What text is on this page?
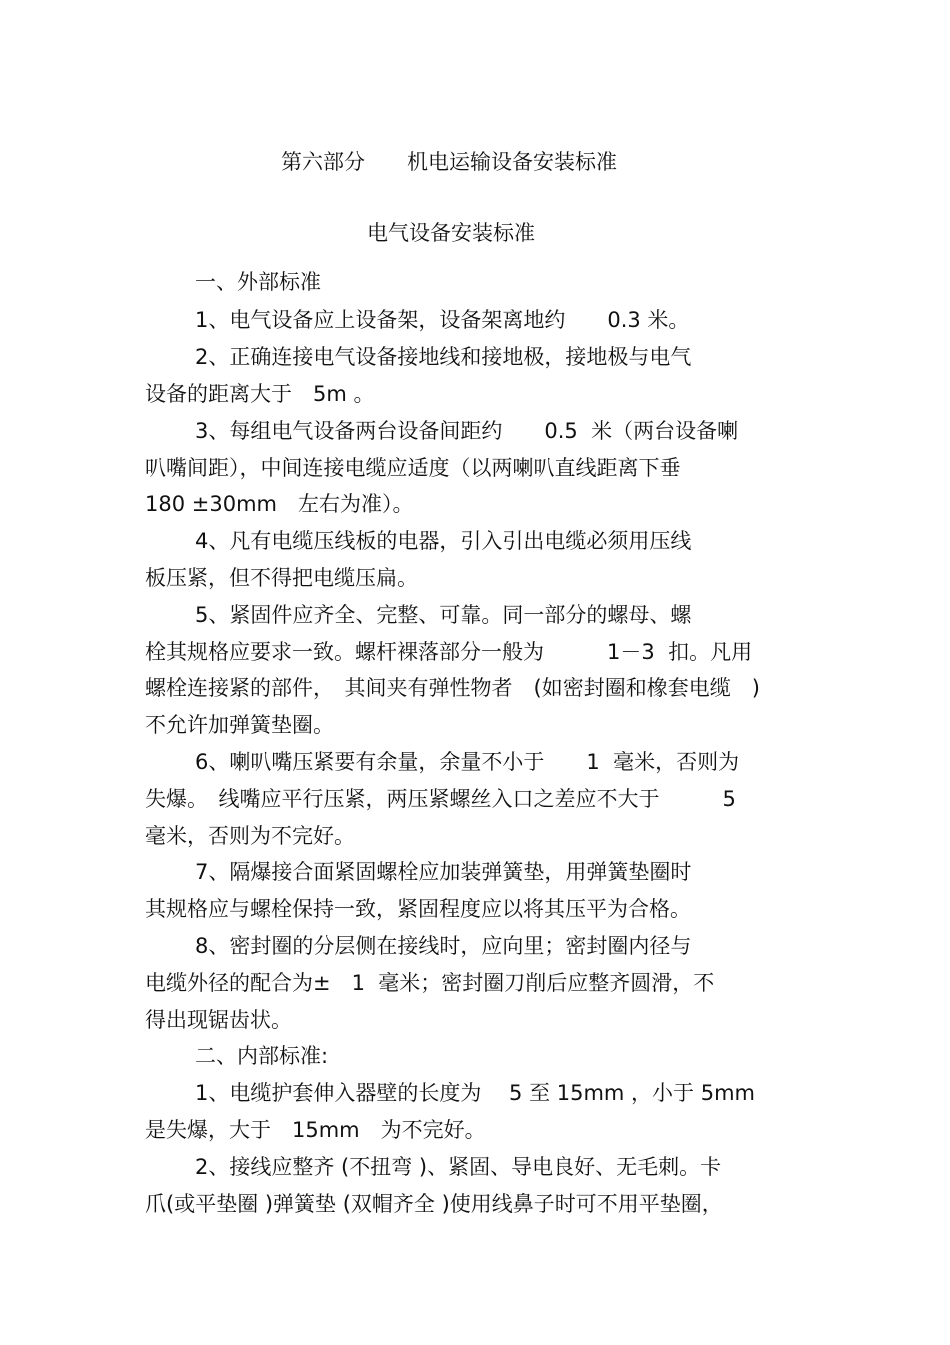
第六部分　　机电运输设备安装标准
电气设备安装标准
一、外部标准
1、电气设备应上设备架，设备架离地约　　0.3 米。
2、正确连接电气设备接地线和接地极，接地极与电气
设备的距离大于　5m 。
3、每组电气设备两台设备间距约　　0.5  米（两台设备喇
叭嘴间距），中间连接电缆应适度（以两喇叭直线距离下垂
180 ±30mm　左右为准）。
4、凡有电缆压线板的电器，引入引出电缆必须用压线
板压紧，但不得把电缆压扁。
5、紧固件应齐全、完整、可靠。同一部分的螺母、螺
栓其规格应要求一致。螺杆裸落部分一般为　　　1－3  扣。凡用
螺栓连接紧的部件，　其间夹有弹性物者　(如密封圈和橡套电缆　)
不允许加弹簧垫圈。
6、喇叭嘴压紧要有余量，余量不小于　　1  毫米，否则为
失爆。　线嘴应平行压紧，两压紧螺丝入口之差应不大于　　　5
毫米，否则为不完好。
7、隔爆接合面紧固螺栓应加装弹簧垫，用弹簧垫圈时
其规格应与螺栓保持一致，紧固程度应以将其压平为合格。
8、密封圈的分层侧在接线时，应向里；密封圈内径与
电缆外径的配合为±　1  毫米；密封圈刀削后应整齐圆滑，不
得出现锯齿状。
二、内部标准:
1、电缆护套伸入器壁的长度为　 5 至 15mm ，小于 5mm
是失爆，大于　15mm　为不完好。
2、接线应整齐 (不扭弯 )、紧固、导电良好、无毛刺。卡
爪(或平垫圈 )弹簧垫 (双帽齐全 )使用线鼻子时可不用平垫圈，
